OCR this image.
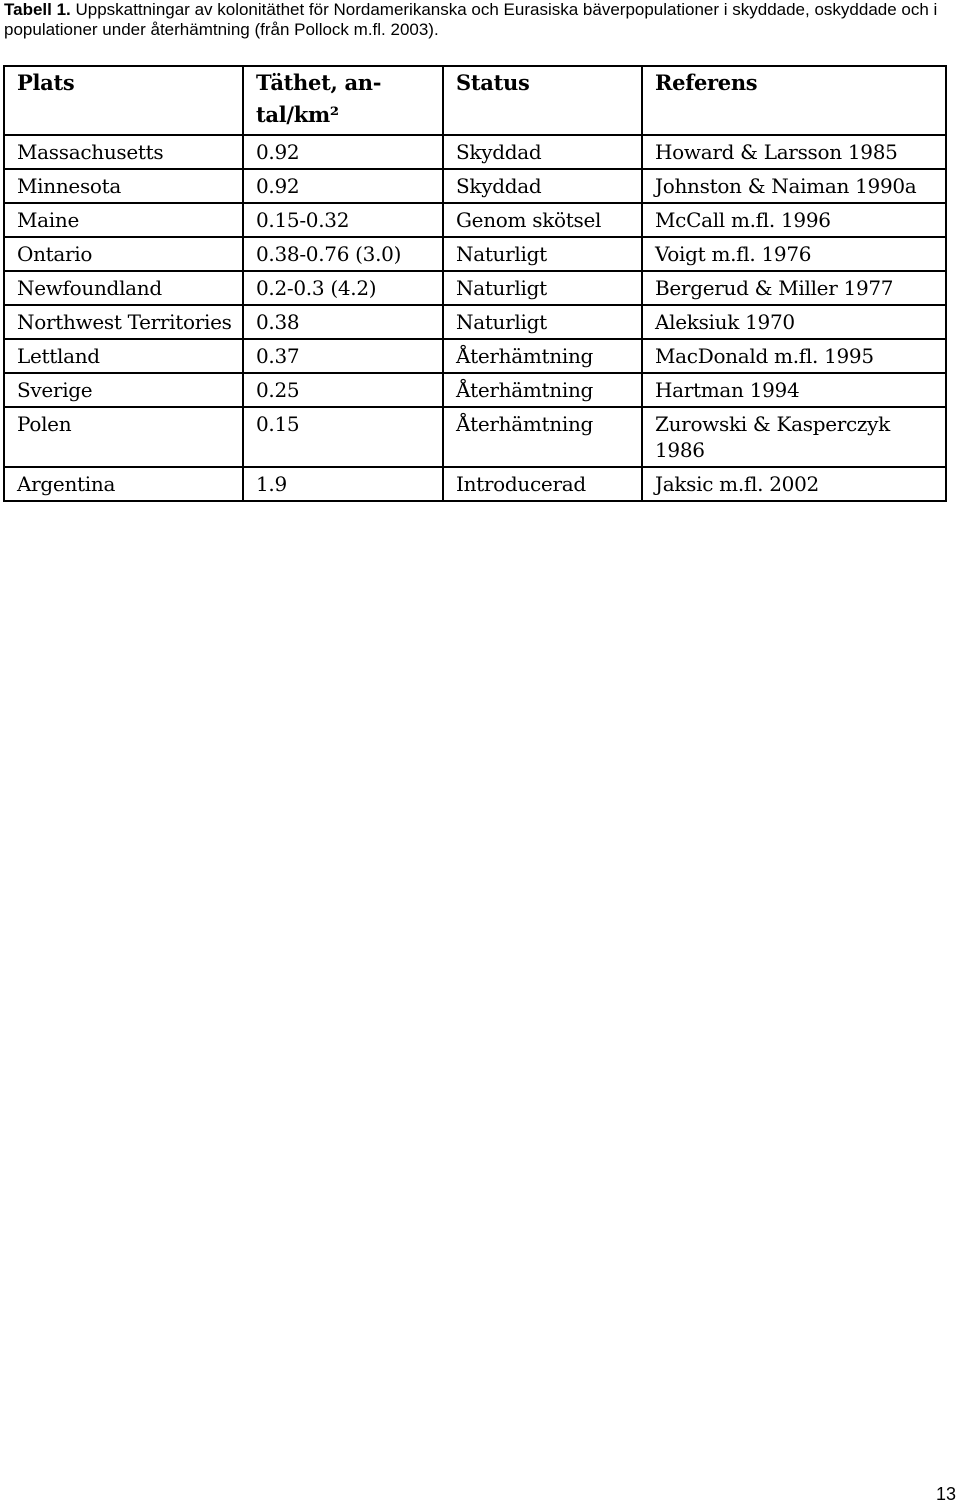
Tabell 1. Uppskattningar av kolonitäthet för Nordamerikanska och Eurasiska bäverpopulationer i skyddade, oskyddade och i populationer under återhämtning (från Pollock m.fl. 2003).
Plats	Täthet, an-tal/km²	Status	Referens
Massachusetts	0.92	Skyddad	Howard & Larsson 1985
Minnesota	0.92	Skyddad	Johnston & Naiman 1990a
Maine	0.15-0.32	Genom skötsel	McCall m.fl. 1996
Ontario	0.38-0.76 (3.0)	Naturligt	Voigt m.fl. 1976
Newfoundland	0.2-0.3 (4.2)	Naturligt	Bergerud & Miller 1977
Northwest Territories	0.38	Naturligt	Aleksiuk 1970
Lettland	0.37	Återhämtning	MacDonald m.fl. 1995
Sverige	0.25	Återhämtning	Hartman 1994
Polen	0.15	Återhämtning	Zurowski & Kasperczyk 1986
Argentina	1.9	Introducerad	Jaksic m.fl. 2002
13
